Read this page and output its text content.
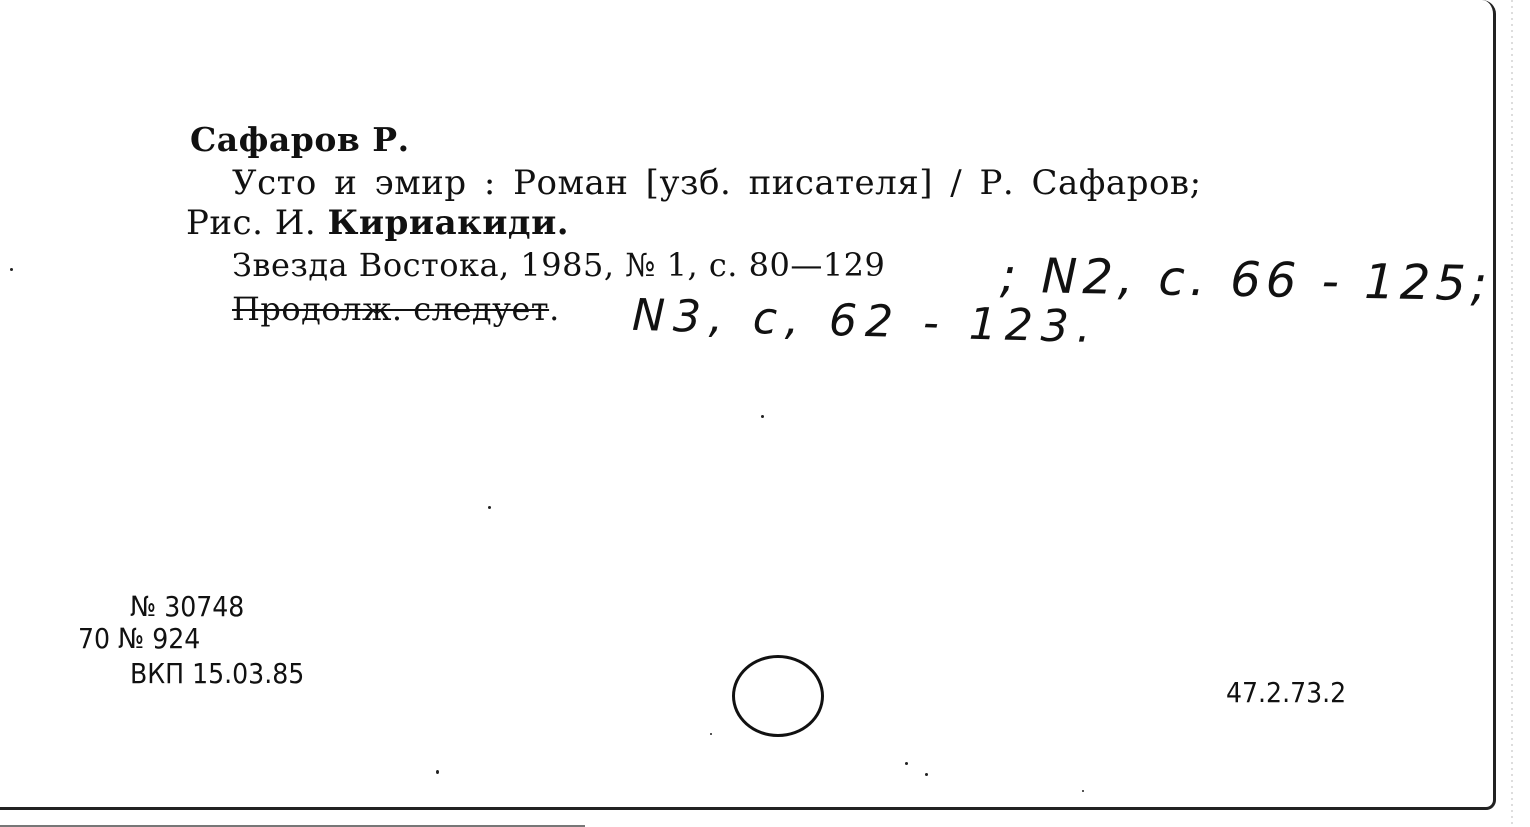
Сафаров Р.
Усто и эмир : Роман [узб. писателя] / Р. Сафаров;
Рис. И. Кириакиди.
Звезда Востока, 1985, № 1, с. 80—129
Продолж. следует.	; N2, c. 66 - 125;
N3, c, 62 - 123.
№ 30748
70 № 924
ВКП 15.03.85
47.2.73.2
